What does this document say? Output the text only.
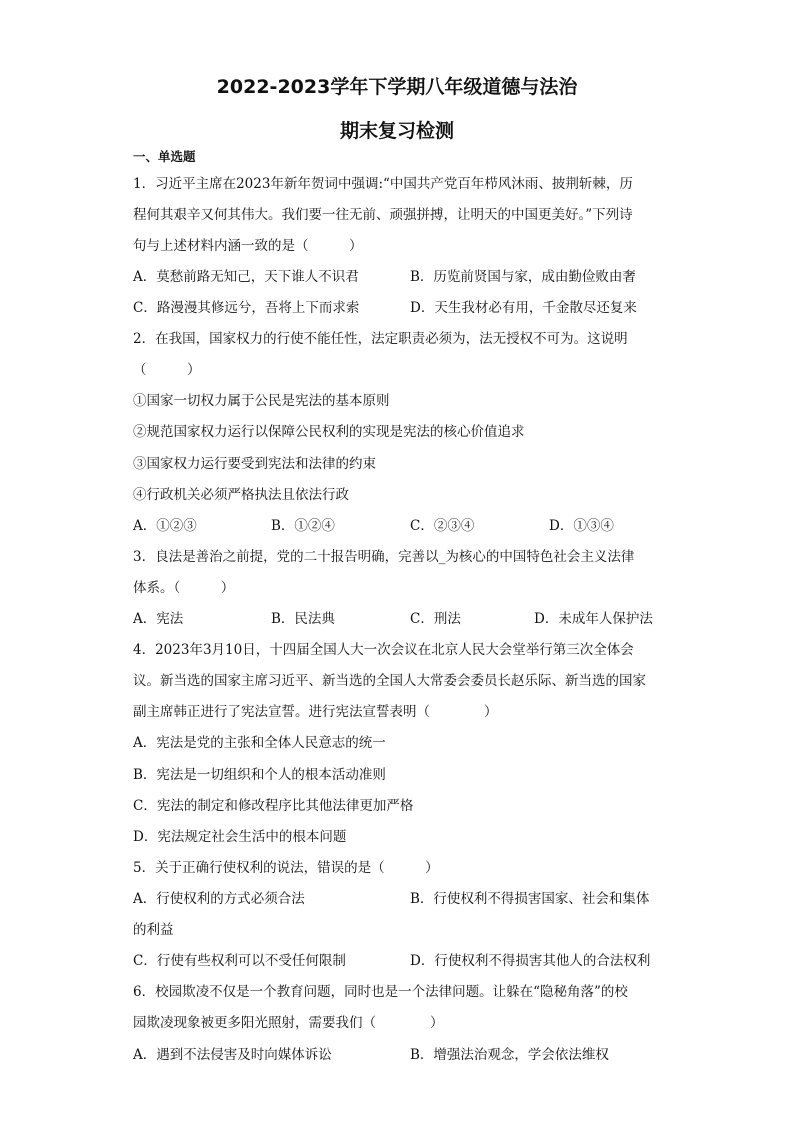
2022-2023学年下学期八年级道德与法治
期末复习检测
一、单选题
1．习近平主席在2023年新年贺词中强调:“中国共产党百年栉风沐雨、披荆斩棘，历
程何其艰辛又何其伟大。我们要一往无前、顽强拼搏，让明天的中国更美好。”下列诗
句与上述材料内涵一致的是（　　　）
A．莫愁前路无知己，天下谁人不识君	B．历览前贤国与家，成由勤俭败由奢
C．路漫漫其修远兮，吾将上下而求索	D．天生我材必有用，千金散尽还复来
2．在我国，国家权力的行使不能任性，法定职责必须为，法无授权不可为。这说明
（　　　）
①国家一切权力属于公民是宪法的基本原则
②规范国家权力运行以保障公民权利的实现是宪法的核心价值追求
③国家权力运行要受到宪法和法律的约束
④行政机关必须严格执法且依法行政
A．①②③	B．①②④	C．②③④	D．①③④
3．良法是善治之前提，党的二十报告明确，完善以_为核心的中国特色社会主义法律
体系。（　　　）
A．宪法	B．民法典	C．刑法	D．未成年人保护法
4．2023年3月10日，十四届全国人大一次会议在北京人民大会堂举行第三次全体会
议。新当选的国家主席习近平、新当选的全国人大常委会委员长赵乐际、新当选的国家
副主席韩正进行了宪法宣誓。进行宪法宣誓表明（　　　　）
A．宪法是党的主张和全体人民意志的统一
B．宪法是一切组织和个人的根本活动准则
C．宪法的制定和修改程序比其他法律更加严格
D．宪法规定社会生活中的根本问题
5．关于正确行使权利的说法，错误的是（　　　）
A．行使权利的方式必须合法	B．行使权利不得损害国家、社会和集体
的利益
C．行使有些权利可以不受任何限制	D．行使权利不得损害其他人的合法权利
6．校园欺凌不仅是一个教育问题，同时也是一个法律问题。让躲在“隐秘角落”的校
园欺凌现象被更多阳光照射，需要我们（　　　　）
A．遇到不法侵害及时向媒体诉讼	B．增强法治观念，学会依法维权
